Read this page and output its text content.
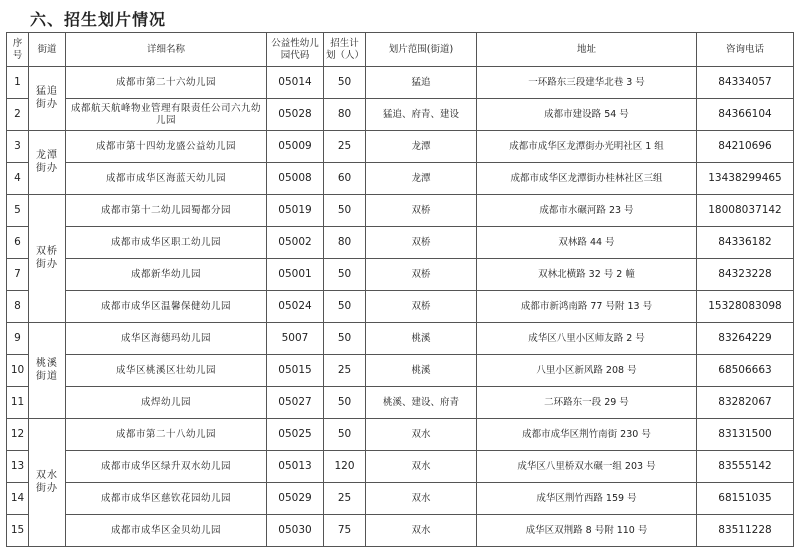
六、招生划片情况
序号	街道	详细名称	公益性幼儿园代码	招生计划（人）	划片范围(街道)	地址	咨询电话
1	猛追街办	成都市第二十六幼儿园	05014	50	猛追	一环路东三段建华北巷 3 号	84334057
2		成都航天航峰物业管理有限责任公司六九幼儿园	05028	80	猛追、府青、建设	成都市建设路 54 号	84366104
3	龙潭街办	成都市第十四幼龙盛公益幼儿园	05009	25	龙潭	成都市成华区龙潭街办光明社区 1 组	84210696
4		成都市成华区海蓝天幼儿园	05008	60	龙潭	成都市成华区龙潭街办桂林社区三组	13438299465
5	双桥街办	成都市第十二幼儿园蜀都分园	05019	50	双桥	成都市水碾河路 23 号	18008037142
6		成都市成华区职工幼儿园	05002	80	双桥	双林路 44 号	84336182
7		成都新华幼儿园	05001	50	双桥	双林北横路 32 号 2 幢	84323228
8		成都市成华区温馨保健幼儿园	05024	50	双桥	成都市新鸿南路 77 号附 13 号	15328083098
9	桃溪街道	成华区海德玛幼儿园	5007	50	桃溪	成华区八里小区师友路 2 号	83264229
10		成华区桃溪区壮幼儿园	05015	25	桃溪	八里小区新风路 208 号	68506663
11		成焊幼儿园	05027	50	桃溪、建设、府青	二环路东一段 29 号	83282067
12	双水街办	成都市第二十八幼儿园	05025	50	双水	成都市成华区荆竹南街 230 号	83131500
13		成都市成华区绿升双水幼儿园	05013	120	双水	成华区八里桥双水碾一组 203 号	83555142
14		成都市成华区慈钦花园幼儿园	05029	25	双水	成华区荆竹西路 159 号	68151035
15		成都市成华区金贝幼儿园	05030	75	双水	成华区双荆路 8 号附 110 号	83511228
